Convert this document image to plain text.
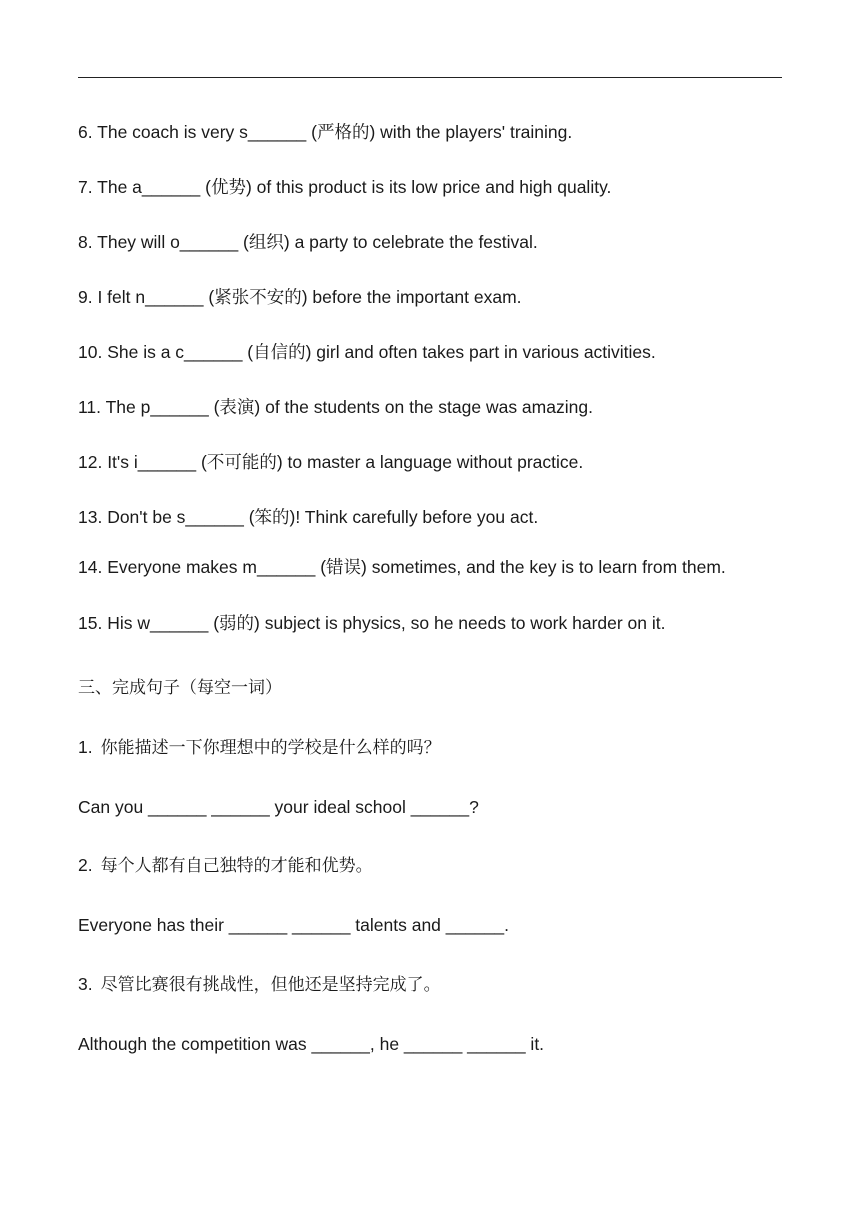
6. The coach is very s______ (严格的) with the players' training.
7. The a______ (优势) of this product is its low price and high quality.
8. They will o______ (组织) a party to celebrate the festival.
9. I felt n______ (紧张不安的) before the important exam.
10. She is a c______ (自信的) girl and often takes part in various activities.
11. The p______ (表演) of the students on the stage was amazing.
12. It's i______ (不可能的) to master a language without practice.
13. Don't be s______ (笨的)! Think carefully before you act.
14. Everyone makes m______ (错误) sometimes, and the key is to learn from them.
15. His w______ (弱的) subject is physics, so he needs to work harder on it.
三、完成句子（每空一词）
1. 你能描述一下你理想中的学校是什么样的吗？
Can you ______ ______ your ideal school ______?
2. 每个人都有自己独特的才能和优势。
Everyone has their ______ ______ talents and ______.
3. 尽管比赛很有挑战性，但他还是坚持完成了。
Although the competition was ______, he ______ ______ it.
